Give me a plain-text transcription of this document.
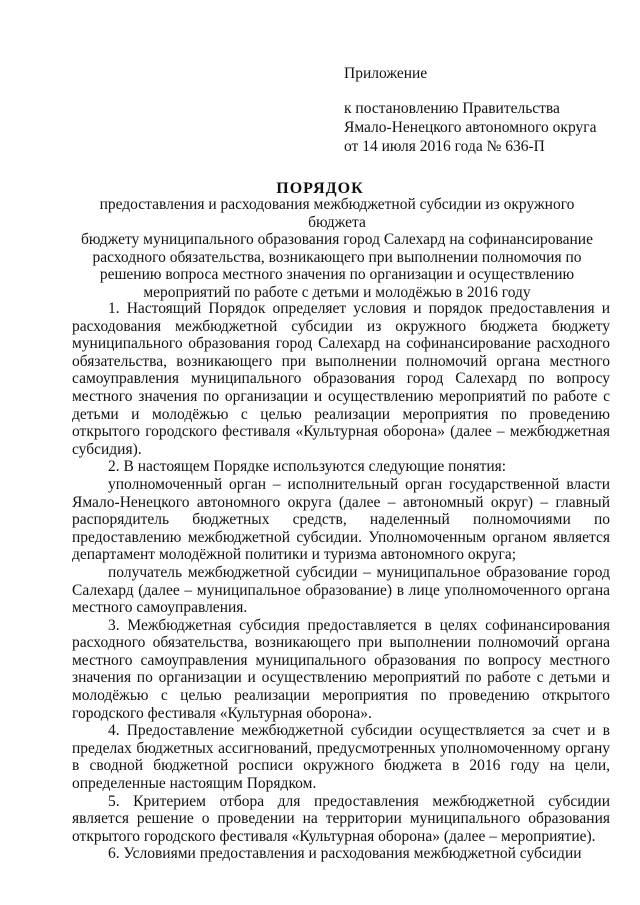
Приложение
к постановлению Правительства
Ямало-Ненецкого автономного округа
от 14 июля 2016 года № 636-П
ПОРЯДОК
предоставления и расходования межбюджетной субсидии из окружного бюджета
бюджету муниципального образования город Салехард на софинансирование
расходного обязательства, возникающего при выполнении полномочия по
решению вопроса местного значения по организации и осуществлению
мероприятий по работе с детьми и молодёжью в 2016 году

1. Настоящий Порядок определяет условия и порядок предоставления и расходования межбюджетной субсидии из окружного бюджета бюджету муниципального образования город Салехард на софинансирование расходного обязательства, возникающего при выполнении полномочий органа местного самоуправления муниципального образования город Салехард по вопросу местного значения по организации и осуществлению мероприятий по работе с детьми и молодёжью с целью реализации мероприятия по проведению открытого городского фестиваля «Культурная оборона» (далее – межбюджетная субсидия).

2. В настоящем Порядке используются следующие понятия:

уполномоченный орган – исполнительный орган государственной власти Ямало-Ненецкого автономного округа (далее – автономный округ) – главный распорядитель бюджетных средств, наделенный полномочиями по предоставлению межбюджетной субсидии. Уполномоченным органом является департамент молодёжной политики и туризма автономного округа;

получатель межбюджетной субсидии – муниципальное образование город Салехард (далее – муниципальное образование) в лице уполномоченного органа местного самоуправления.

3. Межбюджетная субсидия предоставляется в целях софинансирования расходного обязательства, возникающего при выполнении полномочий органа местного самоуправления муниципального образования по вопросу местного значения по организации и осуществлению мероприятий по работе с детьми и молодёжью с целью реализации мероприятия по проведению открытого городского фестиваля «Культурная оборона».

4. Предоставление межбюджетной субсидии осуществляется за счет и в пределах бюджетных ассигнований, предусмотренных уполномоченному органу в сводной бюджетной росписи окружного бюджета в 2016 году на цели, определенные настоящим Порядком.

5. Критерием отбора для предоставления межбюджетной субсидии является решение о проведении на территории муниципального образования открытого городского фестиваля «Культурная оборона» (далее – мероприятие).

6. Условиями предоставления и расходования межбюджетной субсидии
